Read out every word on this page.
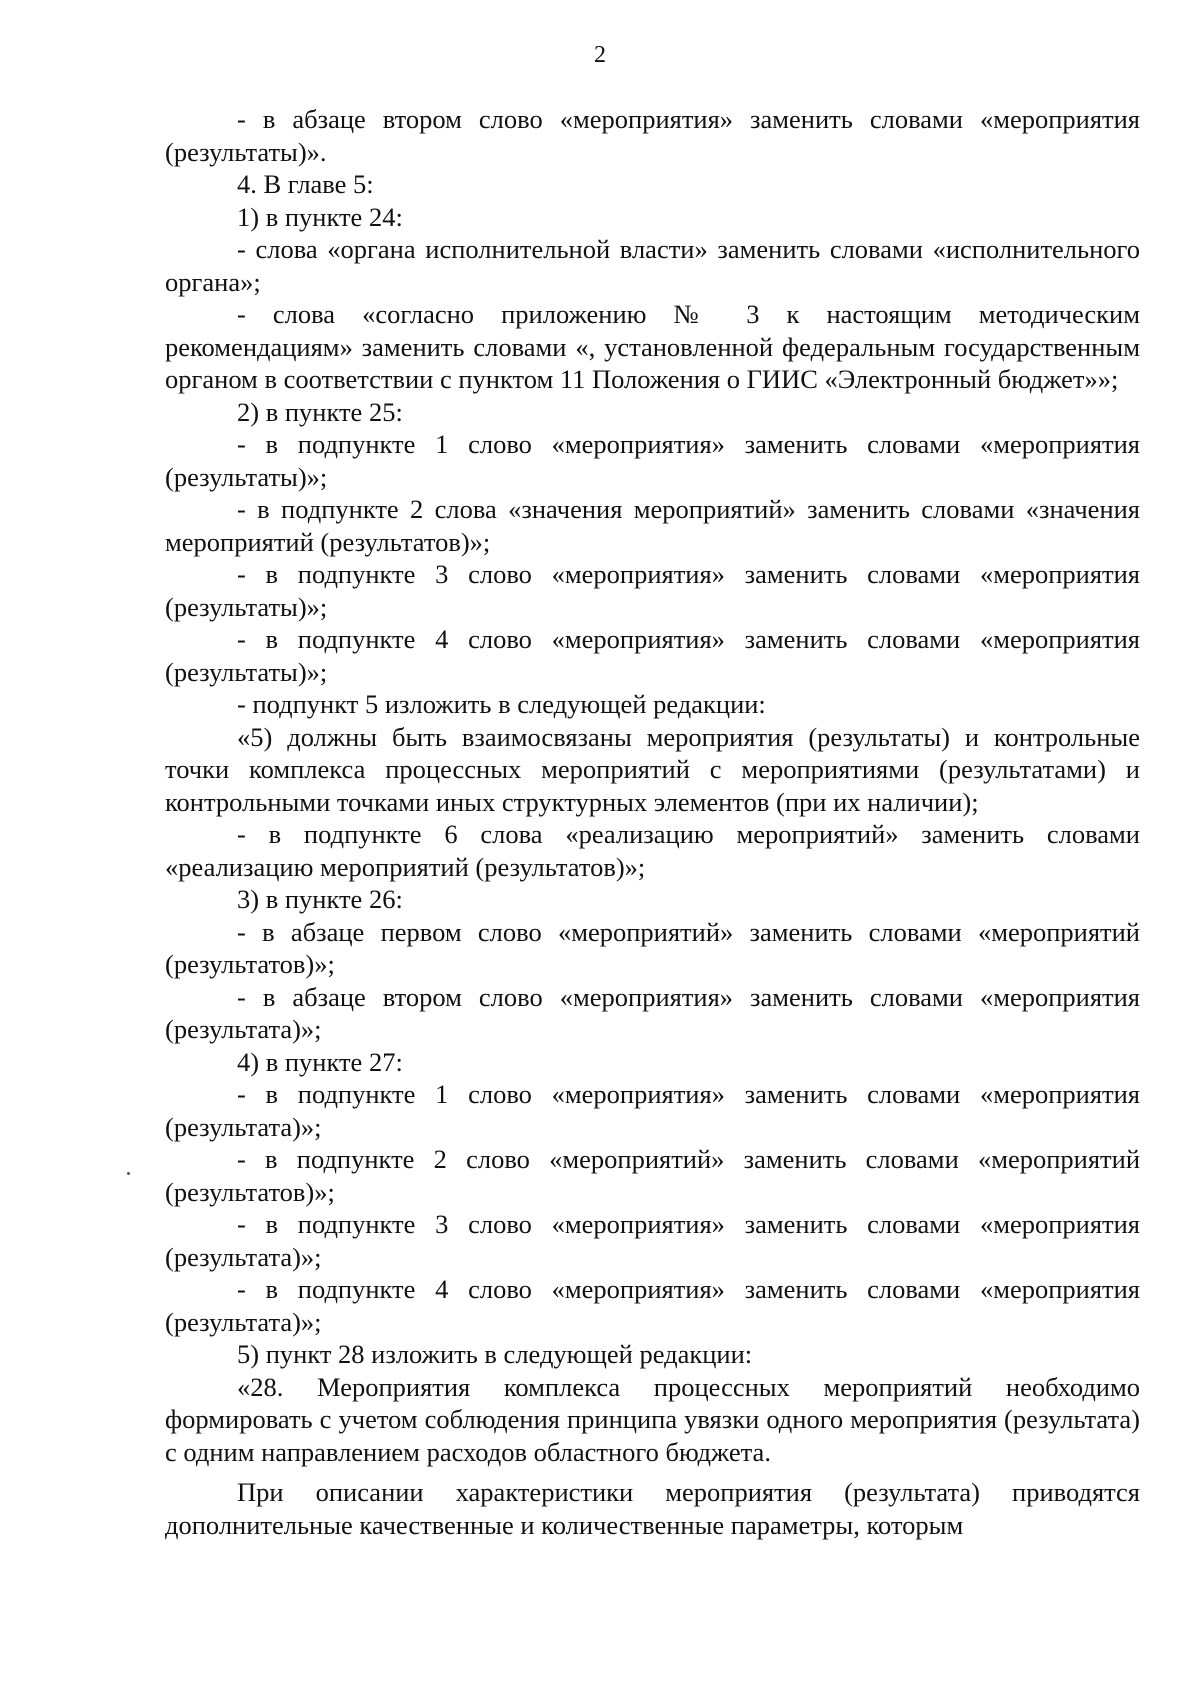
2

- в абзаце втором слово «мероприятия» заменить словами «мероприятия (результаты)».

4. В главе 5:

1) в пункте 24:

- слова «органа исполнительной власти» заменить словами «исполнительного органа»;

- слова «согласно приложению № 3 к настоящим методическим рекомендациям» заменить словами «, установленной федеральным государственным органом в соответствии с пунктом 11 Положения о ГИИС «Электронный бюджет»»;

2) в пункте 25:

- в подпункте 1 слово «мероприятия» заменить словами «мероприятия (результаты)»;

- в подпункте 2 слова «значения мероприятий» заменить словами «значения мероприятий (результатов)»;

- в подпункте 3 слово «мероприятия» заменить словами «мероприятия (результаты)»;

- в подпункте 4 слово «мероприятия» заменить словами «мероприятия (результаты)»;

- подпункт 5 изложить в следующей редакции:

«5) должны быть взаимосвязаны мероприятия (результаты) и контрольные точки комплекса процессных мероприятий с мероприятиями (результатами) и контрольными точками иных структурных элементов (при их наличии);

- в подпункте 6 слова «реализацию мероприятий» заменить словами «реализацию мероприятий (результатов)»;

3) в пункте 26:

- в абзаце первом слово «мероприятий» заменить словами «мероприятий (результатов)»;

- в абзаце втором слово «мероприятия» заменить словами «мероприятия (результата)»;

4) в пункте 27:

- в подпункте 1 слово «мероприятия» заменить словами «мероприятия (результата)»;

- в подпункте 2 слово «мероприятий» заменить словами «мероприятий (результатов)»;

- в подпункте 3 слово «мероприятия» заменить словами «мероприятия (результата)»;

- в подпункте 4 слово «мероприятия» заменить словами «мероприятия (результата)»;

5) пункт 28 изложить в следующей редакции:

«28. Мероприятия комплекса процессных мероприятий необходимо формировать с учетом соблюдения принципа увязки одного мероприятия (результата) с одним направлением расходов областного бюджета.

При описании характеристики мероприятия (результата) приводятся дополнительные качественные и количественные параметры, которым
